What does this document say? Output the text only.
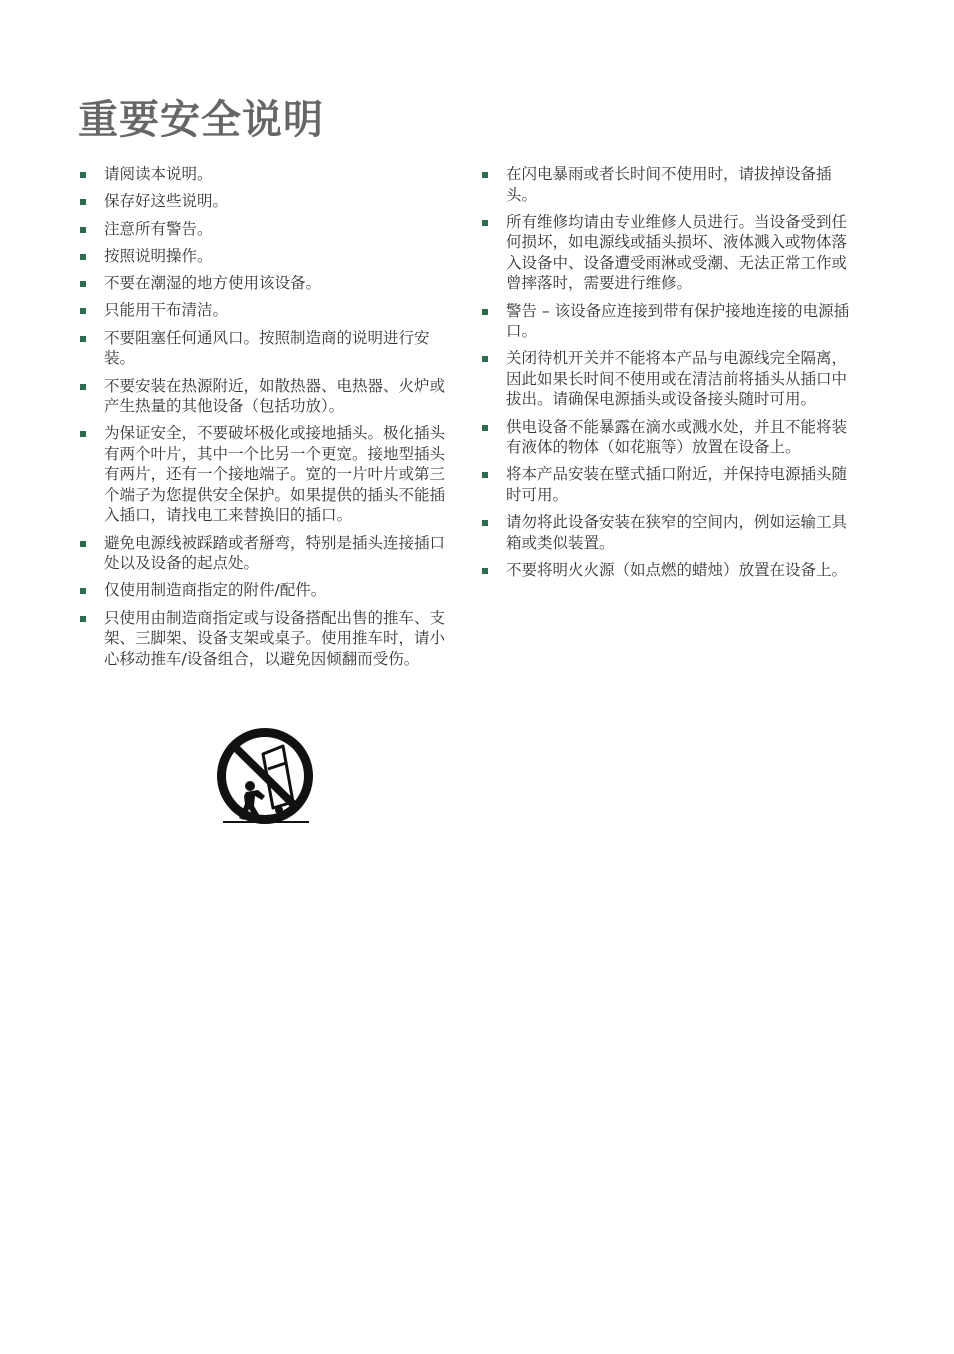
重要安全说明
请阅读本说明。
保存好这些说明。
注意所有警告。
按照说明操作。
不要在潮湿的地方使用该设备。
只能用干布清洁。
不要阻塞任何通风口。按照制造商的说明进行安装。
不要安装在热源附近，如散热器、电热器、火炉或产生热量的其他设备（包括功放）。
为保证安全，不要破坏极化或接地插头。极化插头有两个叶片，其中一个比另一个更宽。接地型插头有两片，还有一个接地端子。宽的一片叶片或第三个端子为您提供安全保护。如果提供的插头不能插入插口，请找电工来替换旧的插口。
避免电源线被踩踏或者掰弯，特别是插头连接插口处以及设备的起点处。
仅使用制造商指定的附件/配件。
只使用由制造商指定或与设备搭配出售的推车、支架、三脚架、设备支架或桌子。使用推车时，请小心移动推车/设备组合，以避免因倾翻而受伤。
在闪电暴雨或者长时间不使用时，请拔掉设备插头。
所有维修均请由专业维修人员进行。当设备受到任何损坏，如电源线或插头损坏、液体溅入或物体落入设备中、设备遭受雨淋或受潮、无法正常工作或曾摔落时，需要进行维修。
警告 – 该设备应连接到带有保护接地连接的电源插口。
关闭待机开关并不能将本产品与电源线完全隔离，因此如果长时间不使用或在清洁前将插头从插口中拔出。请确保电源插头或设备接头随时可用。
供电设备不能暴露在滴水或溅水处，并且不能将装有液体的物体（如花瓶等）放置在设备上。
将本产品安装在壁式插口附近，并保持电源插头随时可用。
请勿将此设备安装在狭窄的空间内，例如运输工具箱或类似装置。
不要将明火火源（如点燃的蜡烛）放置在设备上。
